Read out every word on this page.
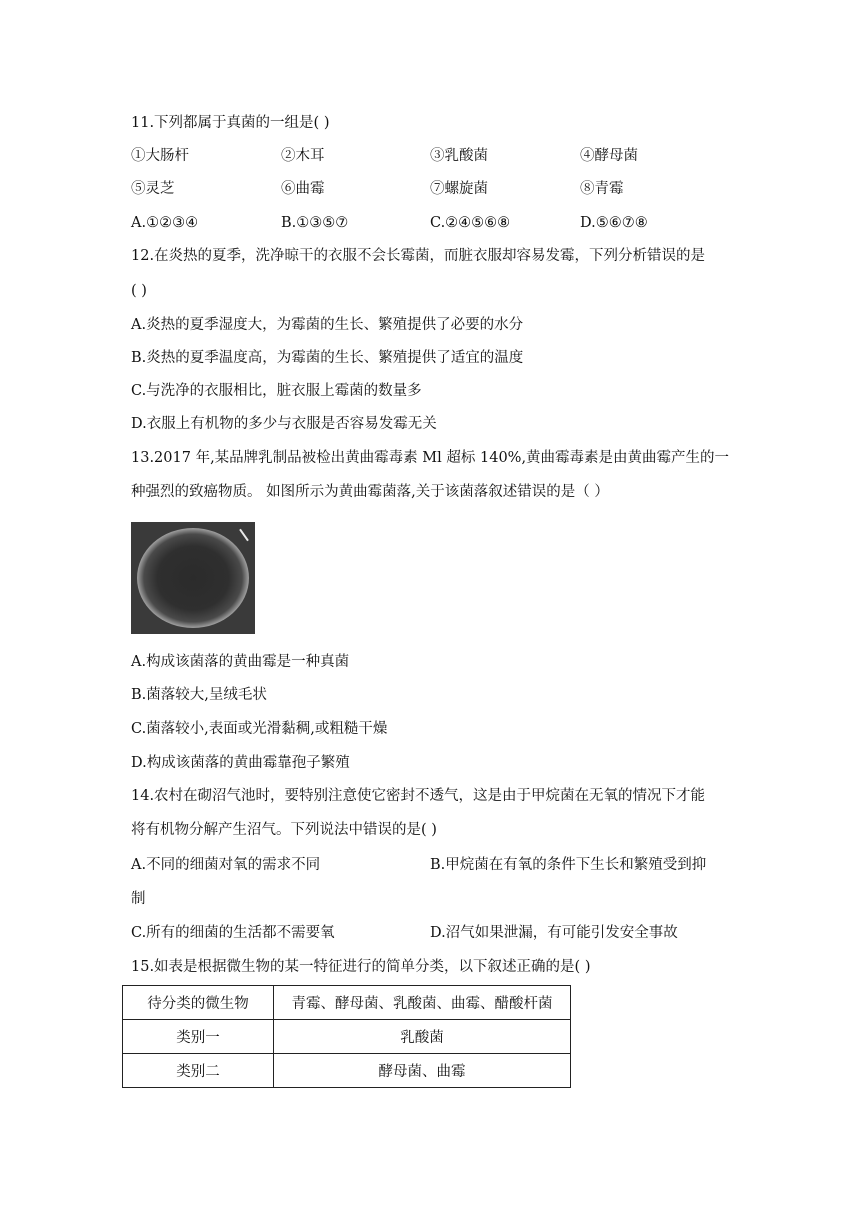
11.下列都属于真菌的一组是( )
①大肠杆	②木耳	③乳酸菌	④酵母菌
⑤灵芝	⑥曲霉	⑦螺旋菌	⑧青霉
A.①②③④	B.①③⑤⑦	C.②④⑤⑥⑧	D.⑤⑥⑦⑧
12.在炎热的夏季，洗净晾干的衣服不会长霉菌，而脏衣服却容易发霉，下列分析错误的是
( )
A.炎热的夏季湿度大，为霉菌的生长、繁殖提供了必要的水分
B.炎热的夏季温度高，为霉菌的生长、繁殖提供了适宜的温度
C.与洗净的衣服相比，脏衣服上霉菌的数量多
D.衣服上有机物的多少与衣服是否容易发霉无关
13.2017 年,某品牌乳制品被检出黄曲霉毒素 Ml 超标 140%,黄曲霉毒素是由黄曲霉产生的一
种强烈的致癌物质。 如图所示为黄曲霉菌落,关于该菌落叙述错误的是（ ）
A.构成该菌落的黄曲霉是一种真菌
B.菌落较大,呈绒毛状
C.菌落较小,表面或光滑黏稠,或粗糙干燥
D.构成该菌落的黄曲霉靠孢子繁殖
14.农村在砌沼气池时，要特别注意使它密封不透气，这是由于甲烷菌在无氧的情况下才能
将有机物分解产生沼气。下列说法中错误的是( )
A.不同的细菌对氧的需求不同	B.甲烷菌在有氧的条件下生长和繁殖受到抑
制
C.所有的细菌的生活都不需要氧	D.沼气如果泄漏，有可能引发安全事故
15.如表是根据微生物的某一特征进行的简单分类，以下叙述正确的是( )
待分类的微生物	青霉、酵母菌、乳酸菌、曲霉、醋酸杆菌
类别一	乳酸菌
类别二	酵母菌、曲霉
